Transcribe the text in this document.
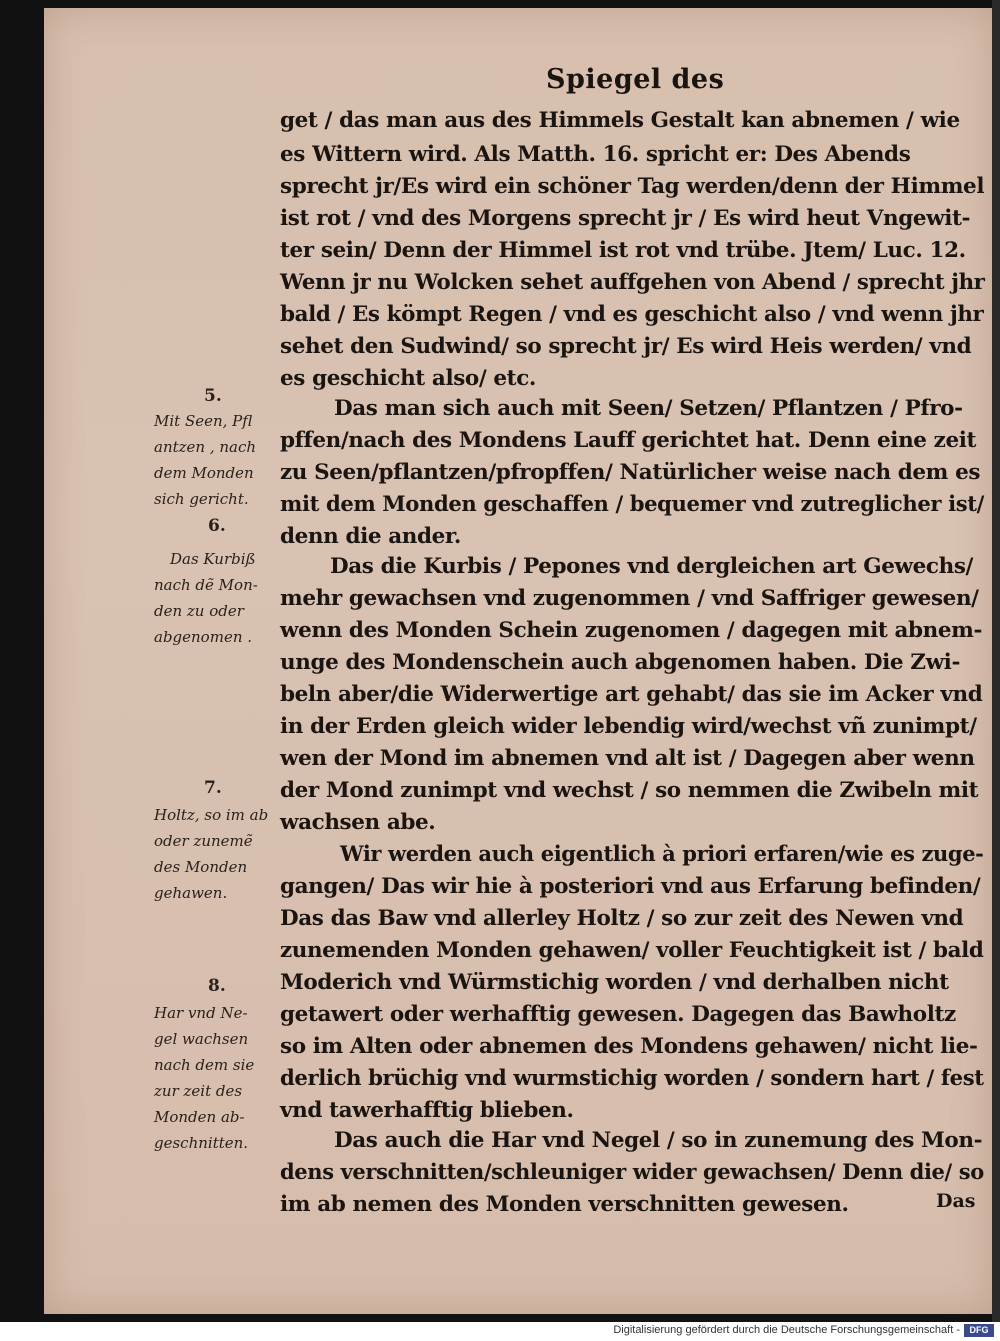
Spiegel des
get / das man aus des Himmels Gestalt kan abnemen / wie
es Wittern wird. Als Matth. 16. spricht er: Des Abends
sprecht jr/Es wird ein schöner Tag werden/denn der Himmel
ist rot / vnd des Morgens sprecht jr / Es wird heut Vngewit-
ter sein/ Denn der Himmel ist rot vnd trübe. Jtem/ Luc. 12.
Wenn jr nu Wolcken sehet auffgehen von Abend / sprecht jhr
bald / Es kömpt Regen / vnd es geschicht also / vnd wenn jhr
sehet den Sudwind/ so sprecht jr/ Es wird Heis werden/ vnd
es geschicht also/ etc.
Das man sich auch mit Seen/ Setzen/ Pflantzen / Pfro-
pffen/nach des Mondens Lauff gerichtet hat. Denn eine zeit
zu Seen/pflantzen/pfropffen/ Natürlicher weise nach dem es
mit dem Monden geschaffen / bequemer vnd zutreglicher ist/
denn die ander.
Das die Kurbis / Pepones vnd dergleichen art Gewechs/
mehr gewachsen vnd zugenommen / vnd Saffriger gewesen/
wenn des Monden Schein zugenomen / dagegen mit abnem-
unge des Mondenschein auch abgenomen haben. Die Zwi-
beln aber/die Widerwertige art gehabt/ das sie im Acker vnd
in der Erden gleich wider lebendig wird/wechst vñ zunimpt/
wen der Mond im abnemen vnd alt ist / Dagegen aber wenn
der Mond zunimpt vnd wechst / so nemmen die Zwibeln mit
wachsen abe.
Wir werden auch eigentlich à priori erfaren/wie es zuge-
gangen/ Das wir hie à posteriori vnd aus Erfarung befinden/
Das das Baw vnd allerley Holtz / so zur zeit des Newen vnd
zunemenden Monden gehawen/ voller Feuchtigkeit ist / bald
Moderich vnd Würmstichig worden / vnd derhalben nicht
getawert oder werhafftig gewesen. Dagegen das Bawholtz
so im Alten oder abnemen des Mondens gehawen/ nicht lie-
derlich brüchig vnd wurmstichig worden / sondern hart / fest
vnd tawerhafftig blieben.
Das auch die Har vnd Negel / so in zunemung des Mon-
dens verschnitten/schleuniger wider gewachsen/ Denn die/ so
im ab nemen des Monden verschnitten gewesen.	Das
5.
Mit Seen, Pfl
antzen , nach
dem Monden
sich gericht.
6.
Das Kurbiß
nach dẽ Mon-
den zu oder
abgenomen .
7.
Holtz, so im ab
oder zunemẽ
des Monden
gehawen.
8.
Har vnd Ne-
gel wachsen
nach dem sie
zur zeit des
Monden ab-
geschnitten.
Digitalisierung gefördert durch die Deutsche Forschungsgemeinschaft -	DFG
